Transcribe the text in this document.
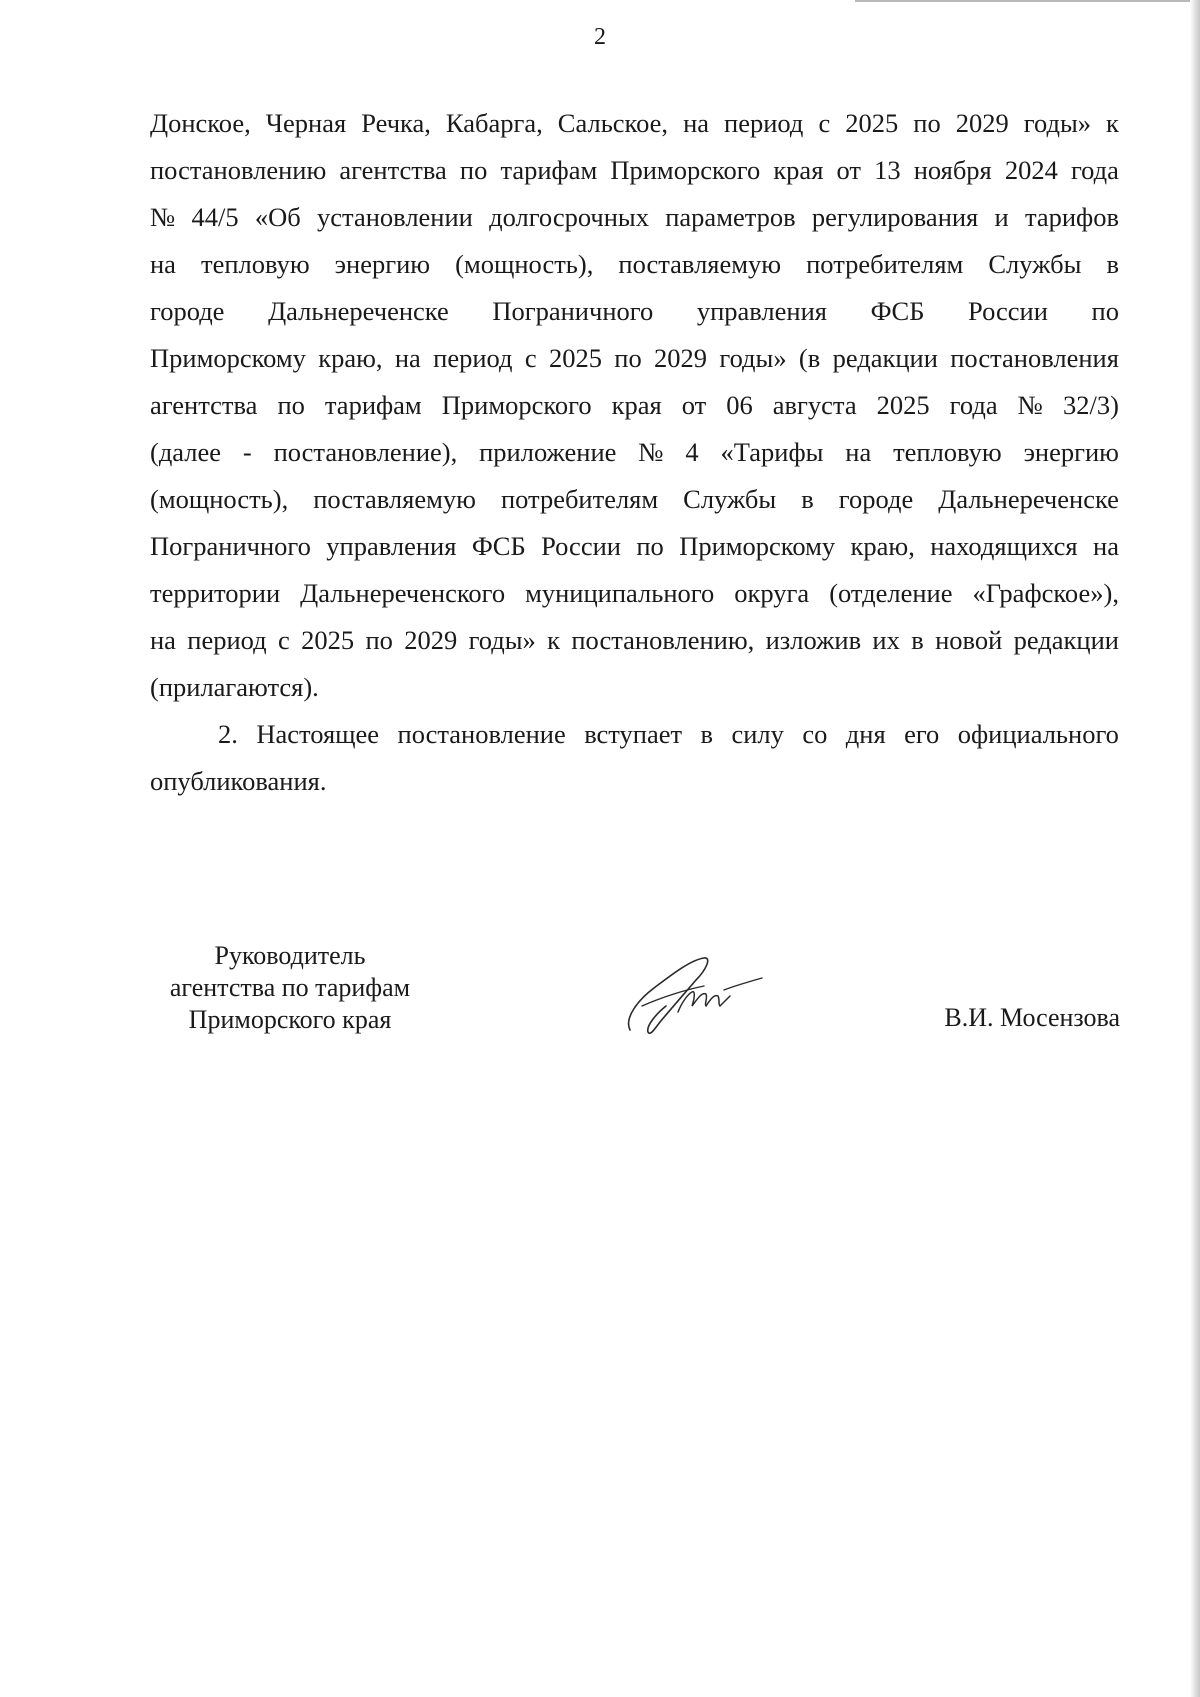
2
Донское, Черная Речка, Кабарга, Сальское, на период с 2025 по 2029 годы» к
постановлению агентства по тарифам Приморского края от 13 ноября 2024 года
№ 44/5 «Об установлении долгосрочных параметров регулирования и тарифов
на тепловую энергию (мощность), поставляемую потребителям Службы в
городе Дальнереченске Пограничного управления ФСБ России по
Приморскому краю, на период с 2025 по 2029 годы» (в редакции постановления
агентства по тарифам Приморского края от 06 августа 2025 года № 32/3)
(далее - постановление), приложение № 4 «Тарифы на тепловую энергию
(мощность), поставляемую потребителям Службы в городе Дальнереченске
Пограничного управления ФСБ России по Приморскому краю, находящихся на
территории Дальнереченского муниципального округа (отделение «Графское»),
на период с 2025 по 2029 годы» к постановлению, изложив их в новой редакции
(прилагаются).
2. Настоящее постановление вступает в силу со дня его официального
опубликования.
Руководитель
агентства по тарифам
Приморского края	В.И. Мосензова
